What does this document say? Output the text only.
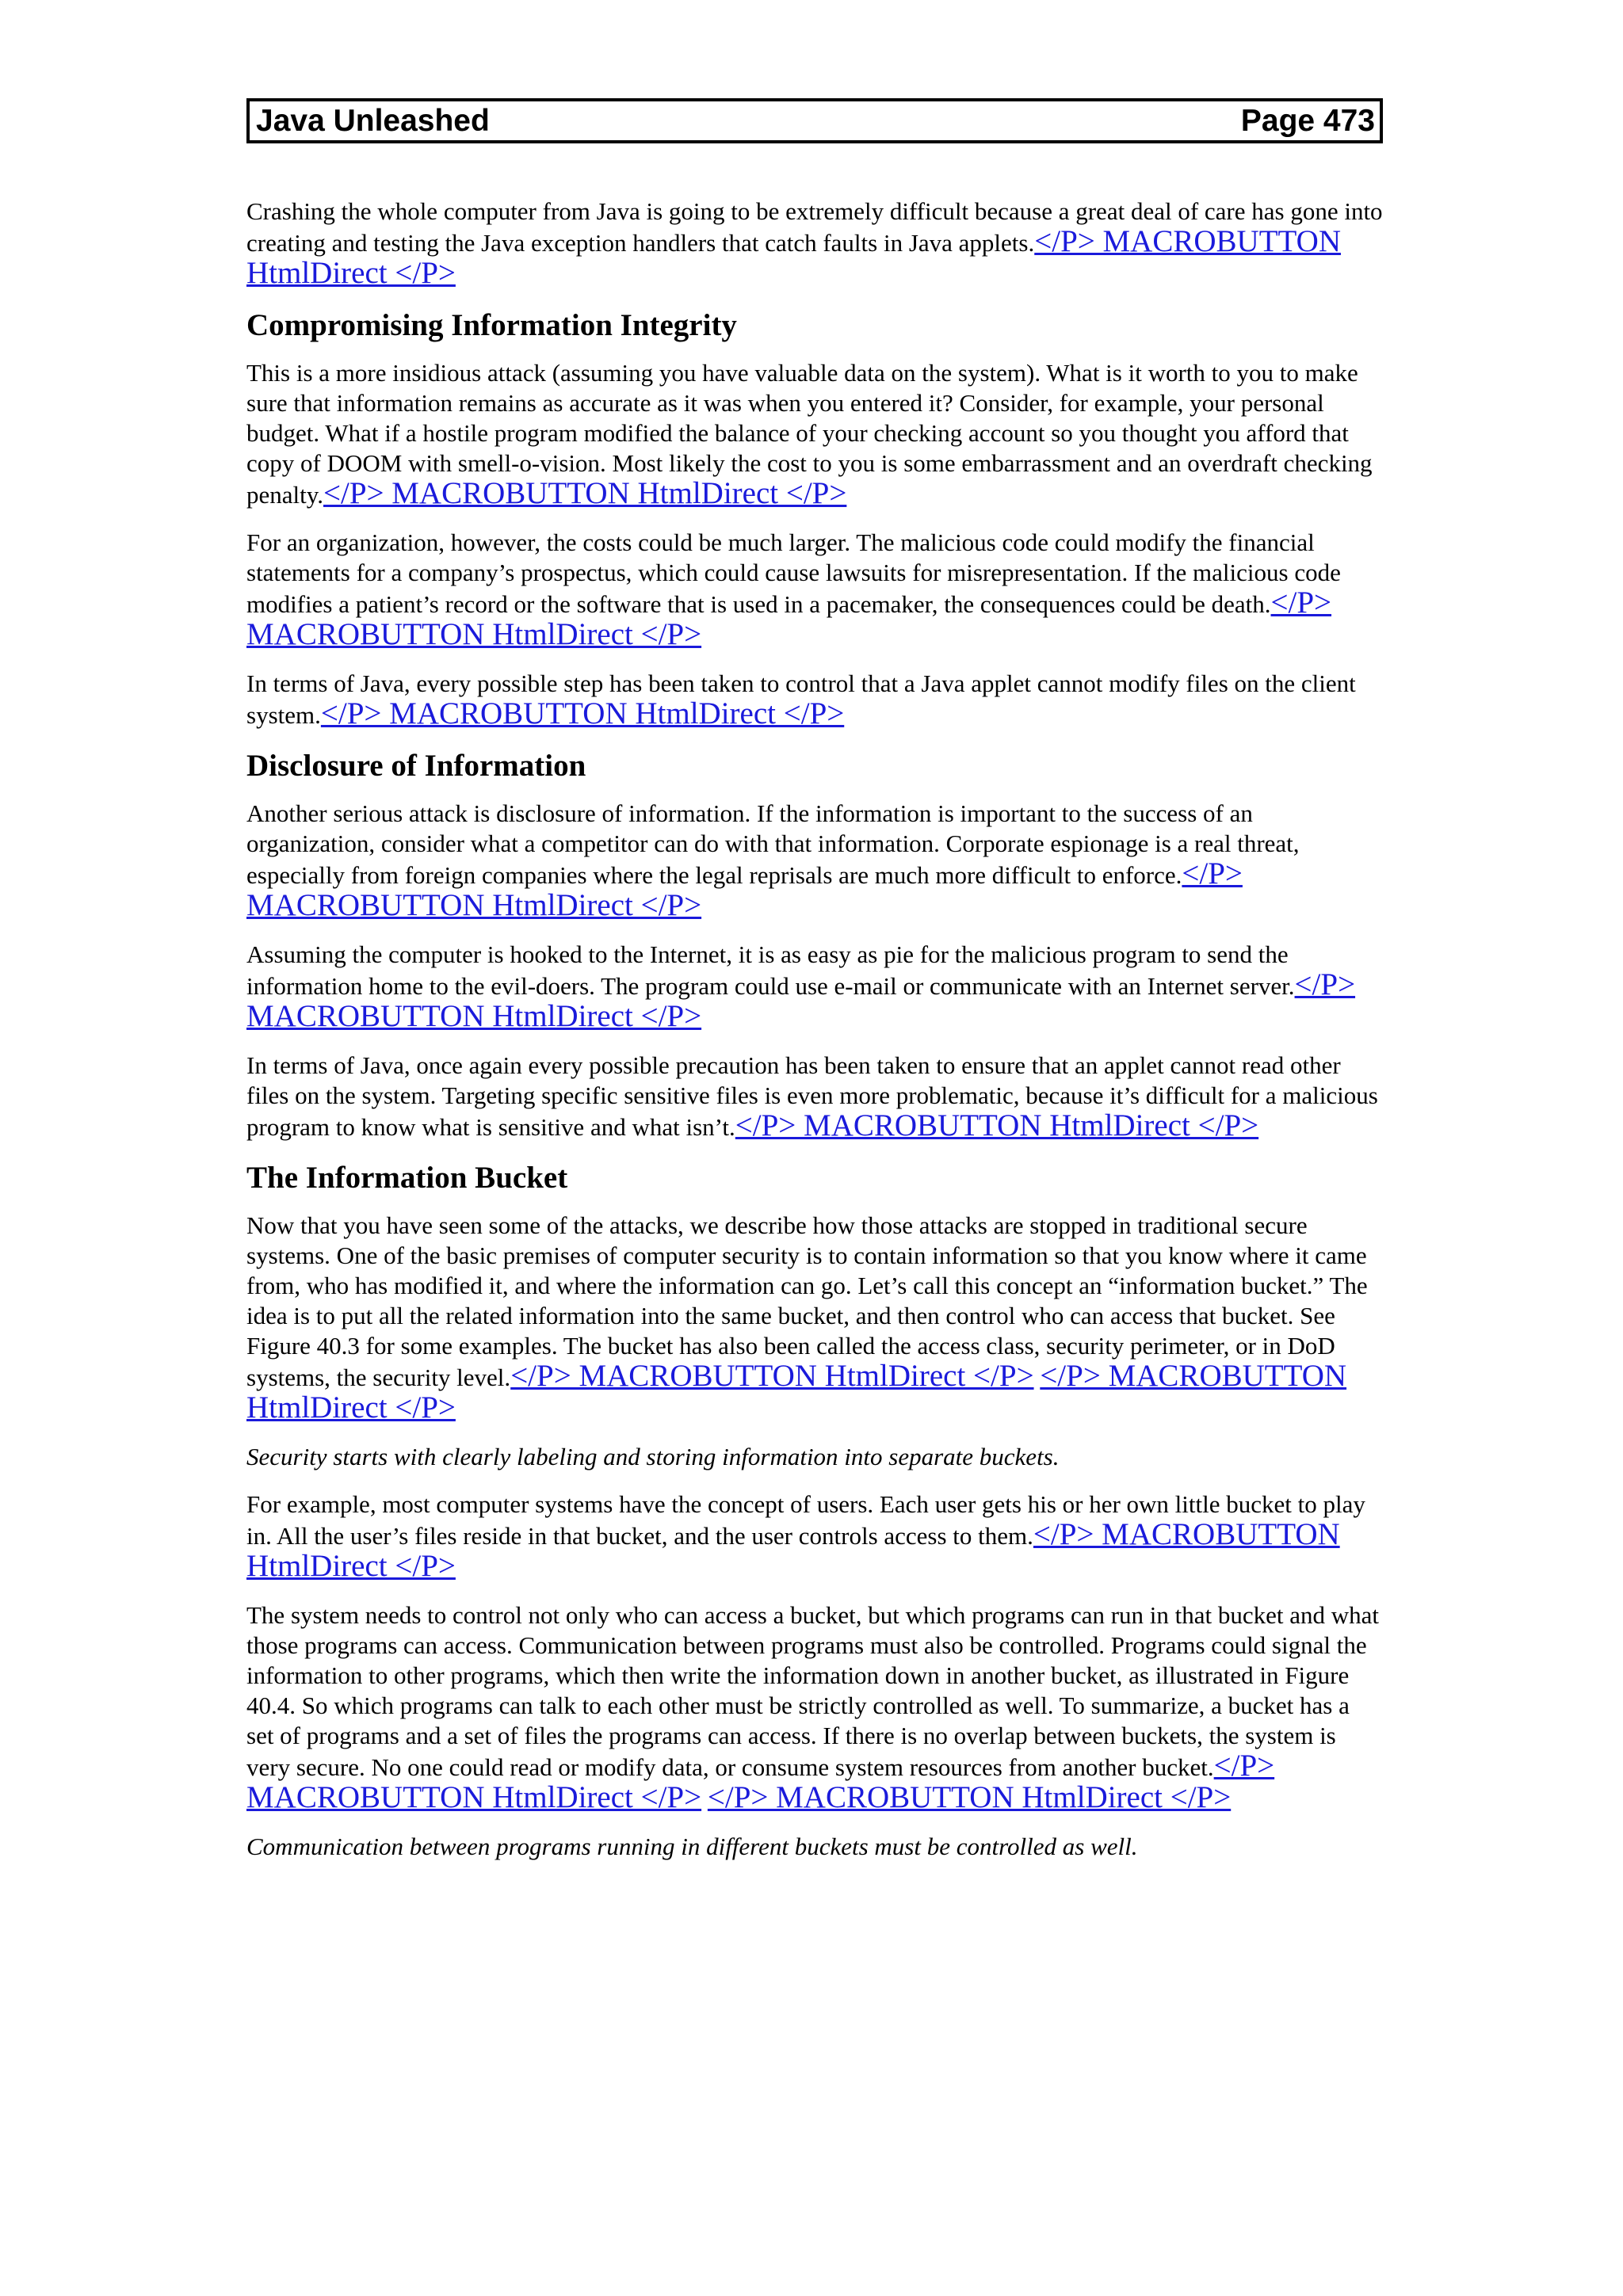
Java Unleashed	Page 473

Crashing the whole computer from Java is going to be extremely difficult because a great deal of care has gone into creating and testing the Java exception handlers that catch faults in Java applets.</P> MACROBUTTON HtmlDirect </P>

Compromising Information Integrity

This is a more insidious attack (assuming you have valuable data on the system). What is it worth to you to make sure that information remains as accurate as it was when you entered it? Consider, for example, your personal budget. What if a hostile program modified the balance of your checking account so you thought you afford that copy of DOOM with smell-o-vision. Most likely the cost to you is some embarrassment and an overdraft checking penalty.</P> MACROBUTTON HtmlDirect </P>

For an organization, however, the costs could be much larger. The malicious code could modify the financial statements for a company’s prospectus, which could cause lawsuits for misrepresentation. If the malicious code modifies a patient’s record or the software that is used in a pacemaker, the consequences could be death.</P> MACROBUTTON HtmlDirect </P>

In terms of Java, every possible step has been taken to control that a Java applet cannot modify files on the client system.</P> MACROBUTTON HtmlDirect </P>

Disclosure of Information

Another serious attack is disclosure of information. If the information is important to the success of an organization, consider what a competitor can do with that information. Corporate espionage is a real threat, especially from foreign companies where the legal reprisals are much more difficult to enforce.</P> MACROBUTTON HtmlDirect </P>

Assuming the computer is hooked to the Internet, it is as easy as pie for the malicious program to send the information home to the evil-doers. The program could use e-mail or communicate with an Internet server.</P> MACROBUTTON HtmlDirect </P>

In terms of Java, once again every possible precaution has been taken to ensure that an applet cannot read other files on the system. Targeting specific sensitive files is even more problematic, because it’s difficult for a malicious program to know what is sensitive and what isn’t.</P> MACROBUTTON HtmlDirect </P>

The Information Bucket

Now that you have seen some of the attacks, we describe how those attacks are stopped in traditional secure systems. One of the basic premises of computer security is to contain information so that you know where it came from, who has modified it, and where the information can go. Let’s call this concept an “information bucket.” The idea is to put all the related information into the same bucket, and then control who can access that bucket. See Figure 40.3 for some examples. The bucket has also been called the access class, security perimeter, or in DoD systems, the security level.</P> MACROBUTTON HtmlDirect </P> </P> MACROBUTTON HtmlDirect </P>

Security starts with clearly labeling and storing information into separate buckets.

For example, most computer systems have the concept of users. Each user gets his or her own little bucket to play in. All the user’s files reside in that bucket, and the user controls access to them.</P> MACROBUTTON HtmlDirect </P>

The system needs to control not only who can access a bucket, but which programs can run in that bucket and what those programs can access. Communication between programs must also be controlled. Programs could signal the information to other programs, which then write the information down in another bucket, as illustrated in Figure 40.4. So which programs can talk to each other must be strictly controlled as well. To summarize, a bucket has a set of programs and a set of files the programs can access. If there is no overlap between buckets, the system is very secure. No one could read or modify data, or consume system resources from another bucket.</P> MACROBUTTON HtmlDirect </P> </P> MACROBUTTON HtmlDirect </P>

Communication between programs running in different buckets must be controlled as well.
